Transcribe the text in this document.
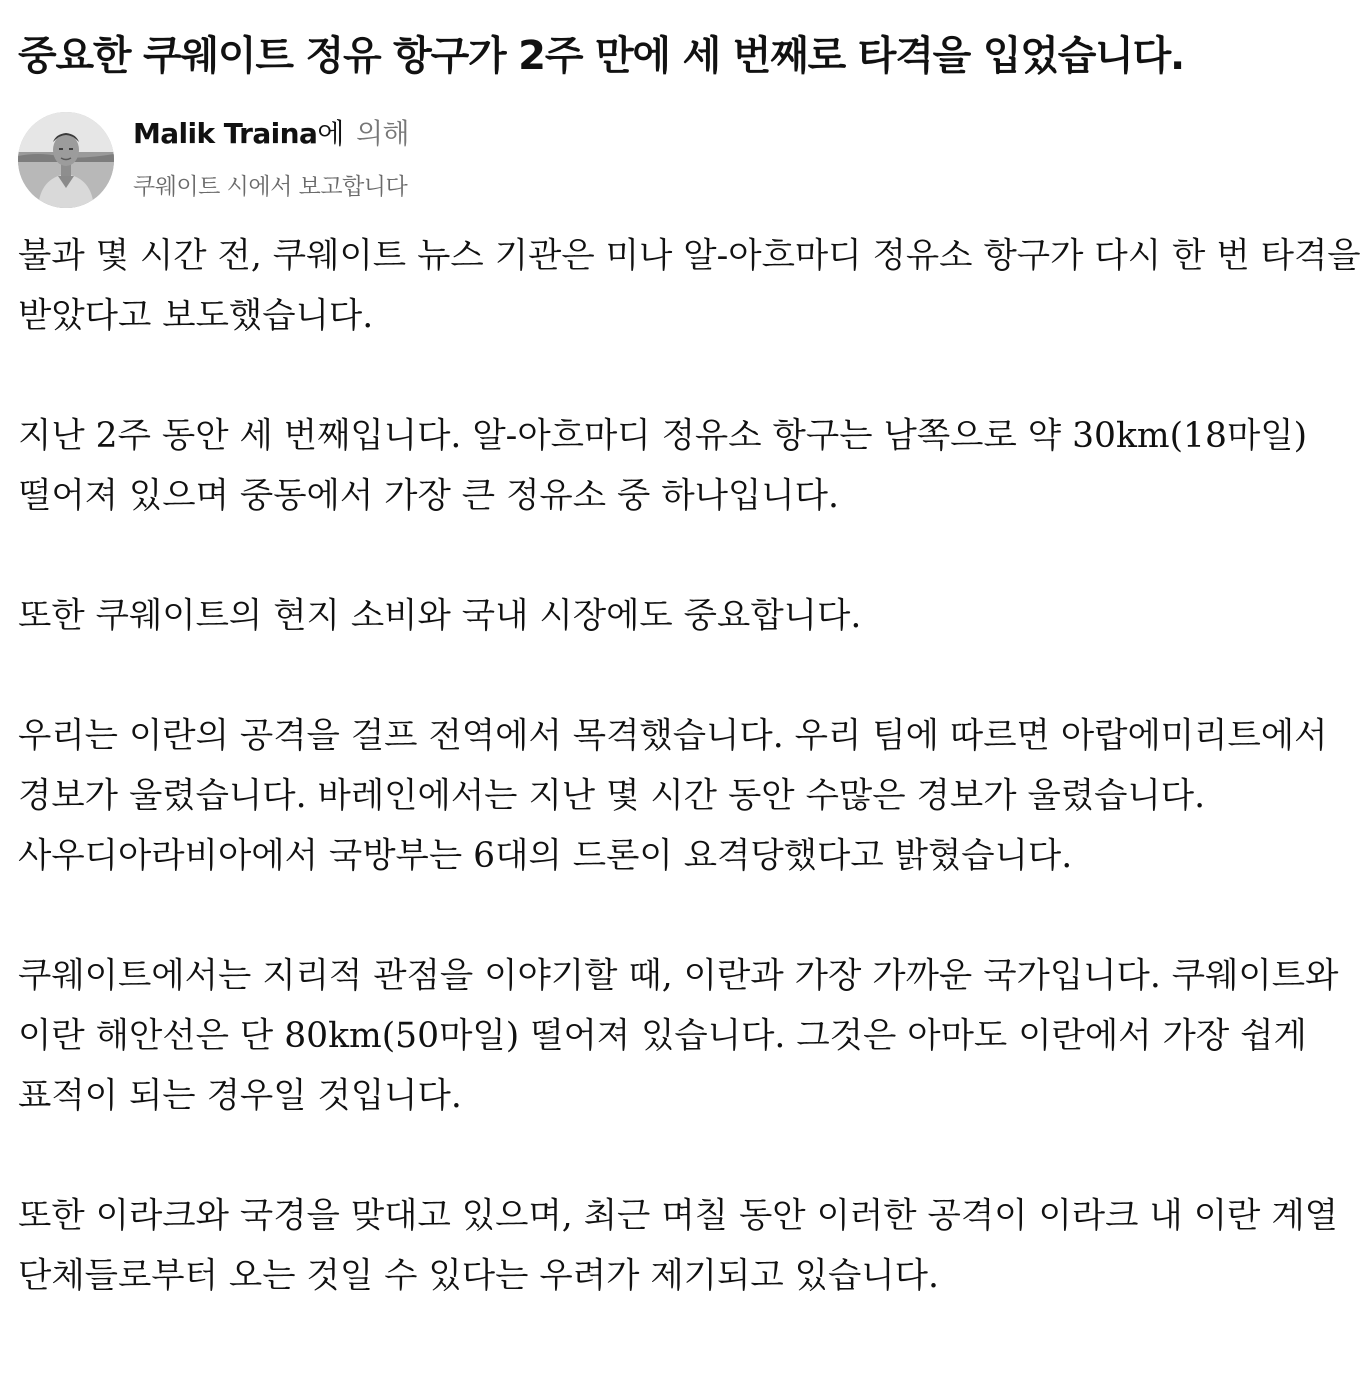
중요한 쿠웨이트 정유 항구가 2주 만에 세 번째로 타격을 입었습니다.
Malik Traina에 의해
쿠웨이트 시에서 보고합니다

불과 몇 시간 전, 쿠웨이트 뉴스 기관은 미나 알-아흐마디 정유소 항구가 다시 한 번 타격을 받았다고 보도했습니다.

지난 2주 동안 세 번째입니다. 알-아흐마디 정유소 항구는 남쪽으로 약 30km(18마일) 떨어져 있으며 중동에서 가장 큰 정유소 중 하나입니다.

또한 쿠웨이트의 현지 소비와 국내 시장에도 중요합니다.

우리는 이란의 공격을 걸프 전역에서 목격했습니다. 우리 팀에 따르면 아랍에미리트에서 경보가 울렸습니다. 바레인에서는 지난 몇 시간 동안 수많은 경보가 울렸습니다. 사우디아라비아에서 국방부는 6대의 드론이 요격당했다고 밝혔습니다.

쿠웨이트에서는 지리적 관점을 이야기할 때, 이란과 가장 가까운 국가입니다. 쿠웨이트와 이란 해안선은 단 80km(50마일) 떨어져 있습니다. 그것은 아마도 이란에서 가장 쉽게 표적이 되는 경우일 것입니다.

또한 이라크와 국경을 맞대고 있으며, 최근 며칠 동안 이러한 공격이 이라크 내 이란 계열 단체들로부터 오는 것일 수 있다는 우려가 제기되고 있습니다.
